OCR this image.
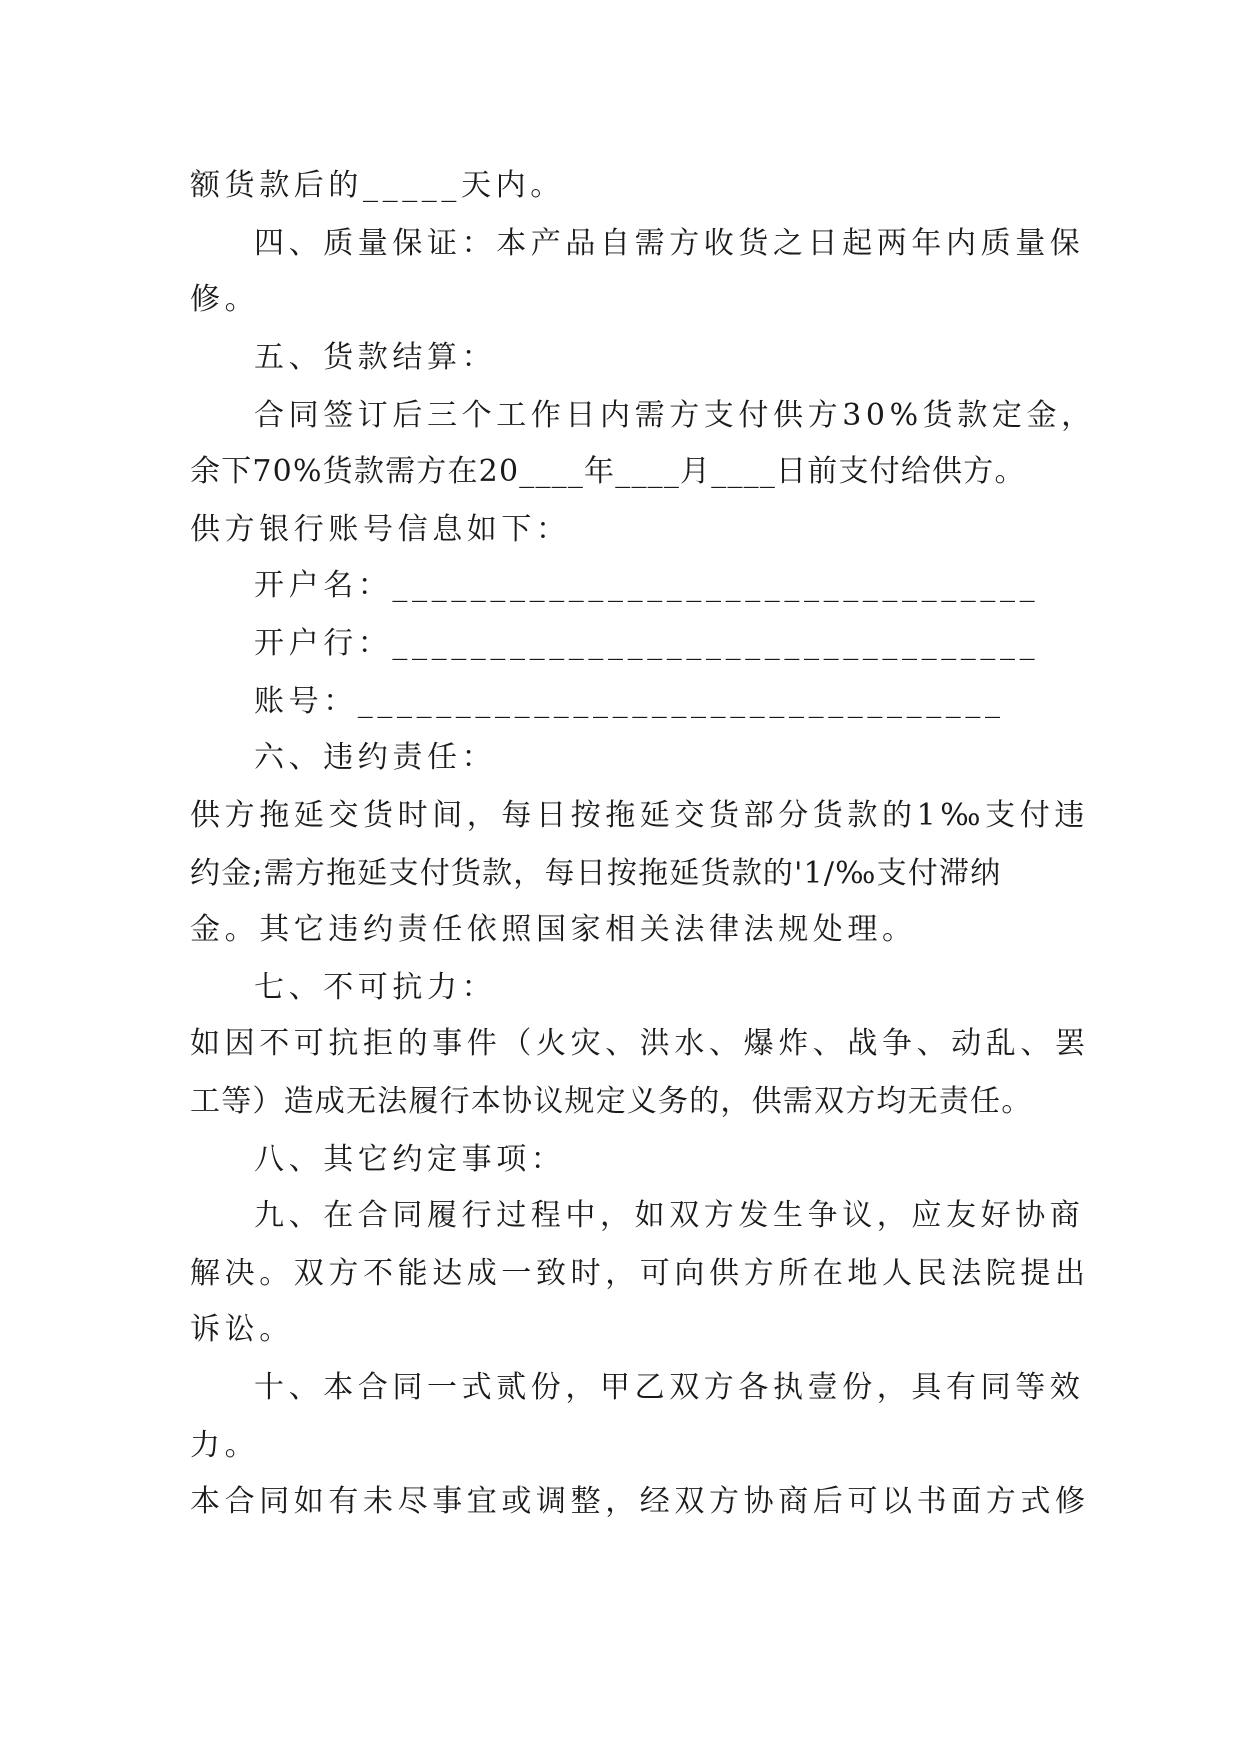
额货款后的_____天内。
四、质量保证：本产品自需方收货之日起两年内质量保
修。
五、货款结算：
合同签订后三个工作日内需方支付供方30%货款定金，
余下70%货款需方在20____年____月____日前支付给供方。
供方银行账号信息如下：
开户名：_________________________________
开户行：_________________________________
账号：_________________________________
六、违约责任：
供方拖延交货时间，每日按拖延交货部分货款的1‰支付违
约金;需方拖延支付货款，每日按拖延货款的'1/‰支付滞纳
金。其它违约责任依照国家相关法律法规处理。
七、不可抗力：
如因不可抗拒的事件（火灾、洪水、爆炸、战争、动乱、罢
工等）造成无法履行本协议规定义务的，供需双方均无责任。
八、其它约定事项：
九、在合同履行过程中，如双方发生争议，应友好协商
解决。双方不能达成一致时，可向供方所在地人民法院提出
诉讼。
十、本合同一式贰份，甲乙双方各执壹份，具有同等效
力。
本合同如有未尽事宜或调整，经双方协商后可以书面方式修
